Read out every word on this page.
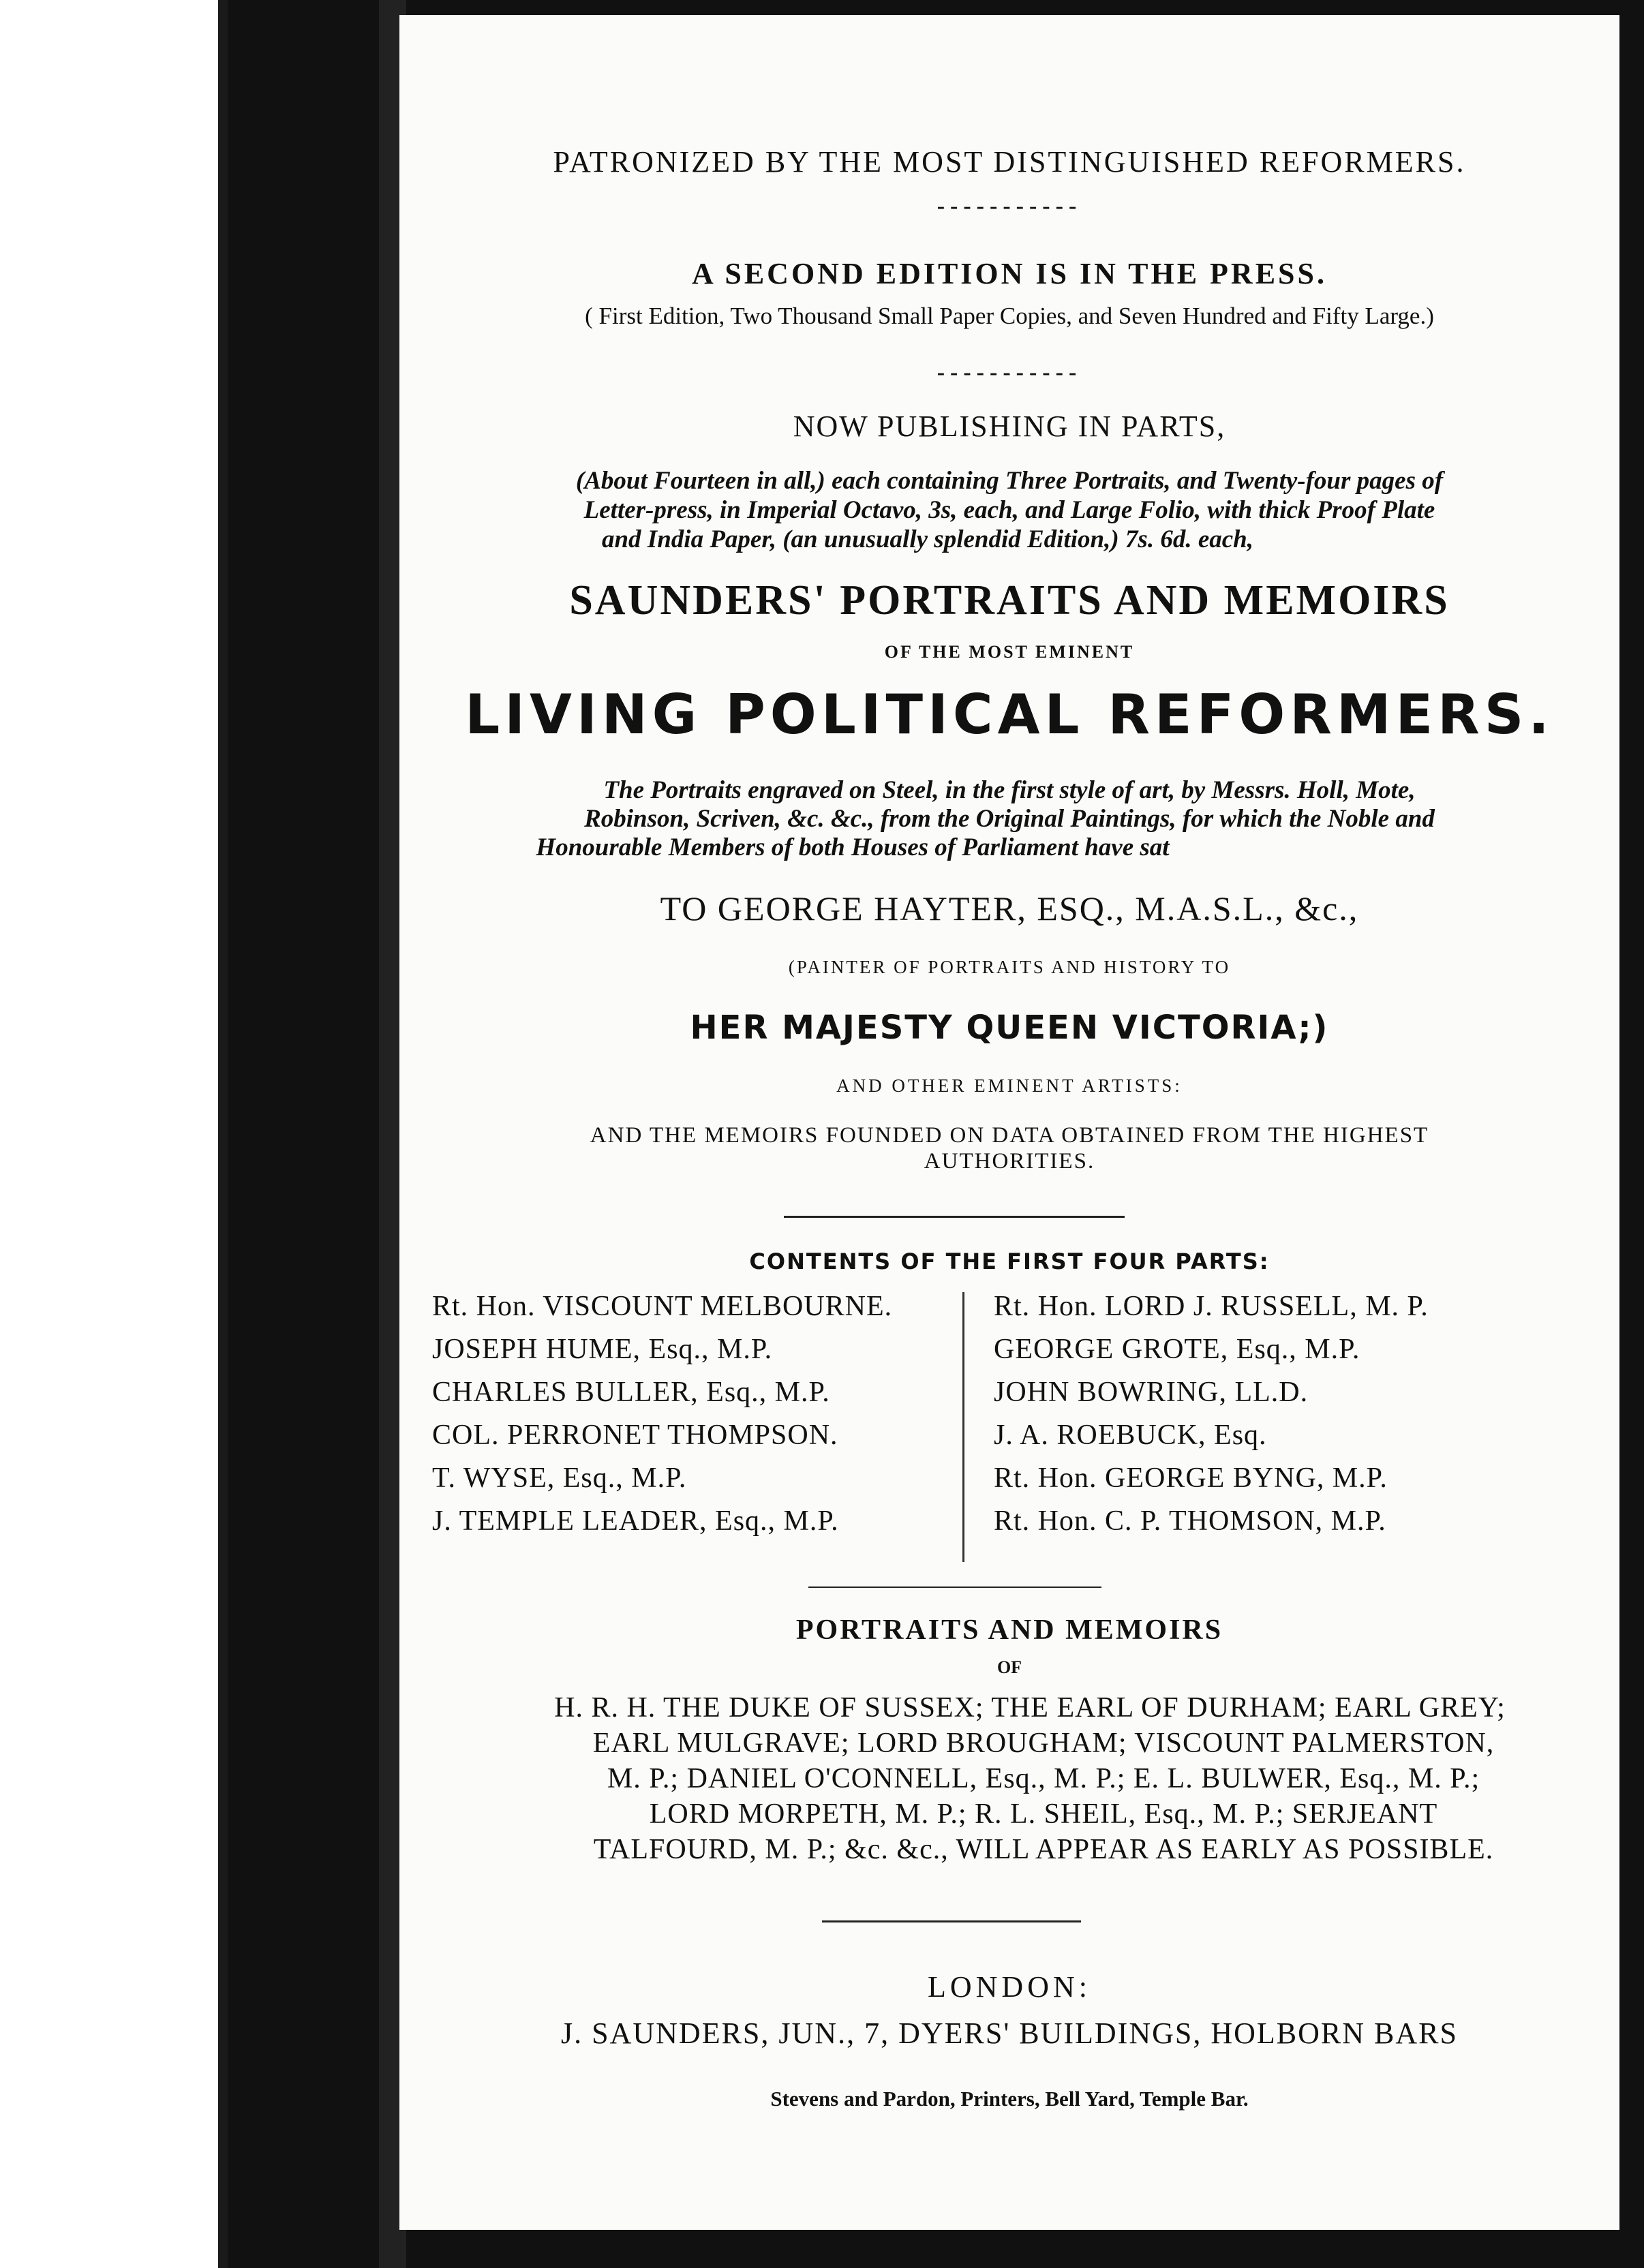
PATRONIZED BY THE MOST DISTINGUISHED REFORMERS.
-----------
A SECOND EDITION IS IN THE PRESS.
( First Edition, Two Thousand Small Paper Copies, and Seven Hundred and Fifty Large.)
-----------
NOW PUBLISHING IN PARTS,
(About Fourteen in all,) each containing Three Portraits, and Twenty-four pages of
Letter-press, in Imperial Octavo, 3s, each, and Large Folio, with thick Proof Plate
and India Paper, (an unusually splendid Edition,) 7s. 6d. each,
SAUNDERS' PORTRAITS AND MEMOIRS
OF THE MOST EMINENT
LIVING POLITICAL REFORMERS.
The Portraits engraved on Steel, in the first style of art, by Messrs. Holl, Mote,
Robinson, Scriven, &c. &c., from the Original Paintings, for which the Noble and
Honourable Members of both Houses of Parliament have sat
TO GEORGE HAYTER, ESQ., M.A.S.L., &c.,
(PAINTER OF PORTRAITS AND HISTORY TO
HER MAJESTY QUEEN VICTORIA;)
AND OTHER EMINENT ARTISTS:
AND THE MEMOIRS FOUNDED ON DATA OBTAINED FROM THE HIGHEST
AUTHORITIES.
CONTENTS OF THE FIRST FOUR PARTS:
Rt. Hon. VISCOUNT MELBOURNE.
JOSEPH HUME, Esq., M.P.
CHARLES BULLER, Esq., M.P.
COL. PERRONET THOMPSON.
T. WYSE, Esq., M.P.
J. TEMPLE LEADER, Esq., M.P.
Rt. Hon. LORD J. RUSSELL, M. P.
GEORGE GROTE, Esq., M.P.
JOHN BOWRING, LL.D.
J. A. ROEBUCK, Esq.
Rt. Hon. GEORGE BYNG, M.P.
Rt. Hon. C. P. THOMSON, M.P.
PORTRAITS AND MEMOIRS
OF
H. R. H. THE DUKE OF SUSSEX; THE EARL OF DURHAM; EARL GREY;
EARL MULGRAVE; LORD BROUGHAM; VISCOUNT PALMERSTON,
M. P.; DANIEL O'CONNELL, Esq., M. P.; E. L. BULWER, Esq., M. P.;
LORD MORPETH, M. P.; R. L. SHEIL, Esq., M. P.; SERJEANT
TALFOURD, M. P.; &c. &c., WILL APPEAR AS EARLY AS POSSIBLE.
LONDON:
J. SAUNDERS, JUN., 7, DYERS' BUILDINGS, HOLBORN BARS
Stevens and Pardon, Printers, Bell Yard, Temple Bar.
